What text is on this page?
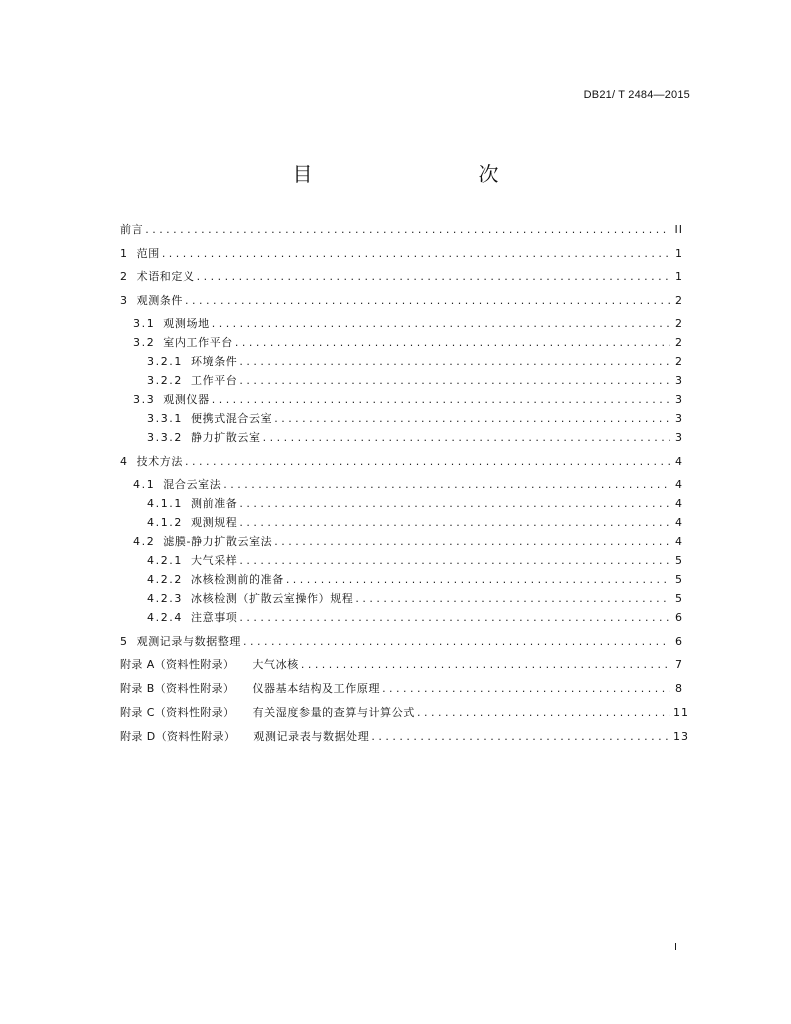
DB21/ T 2484—2015
目　　次
前言 . . .	II
1 范围 . . .	1
2 术语和定义 . . .	1
3 观测条件 . . .	2
3.1 观测场地 . . .	2
3.2 室内工作平台 . . .	2
3.2.1 环境条件 . . .	2
3.2.2 工作平台 . . .	3
3.3 观测仪器 . . .	3
3.3.1 便携式混合云室 . . .	3
3.3.2 静力扩散云室 . . .	3
4 技术方法 . . .	4
4.1 混合云室法 . . .	4
4.1.1 测前准备 . . .	4
4.1.2 观测规程 . . .	4
4.2 滤膜-静力扩散云室法 . . .	4
4.2.1 大气采样 . . .	5
4.2.2 冰核检测前的准备 . . .	5
4.2.3 冰核检测（扩散云室操作）规程 . . .	5
4.2.4 注意事项 . . .	6
5 观测记录与数据整理 . . .	6
附录 A（资料性附录） 大气冰核 . . .	7
附录 B（资料性附录） 仪器基本结构及工作原理 . . .	8
附录 C（资料性附录） 有关湿度参量的查算与计算公式 . . .	11
附录 D（资料性附录） 观测记录表与数据处理 . . .	13
I
